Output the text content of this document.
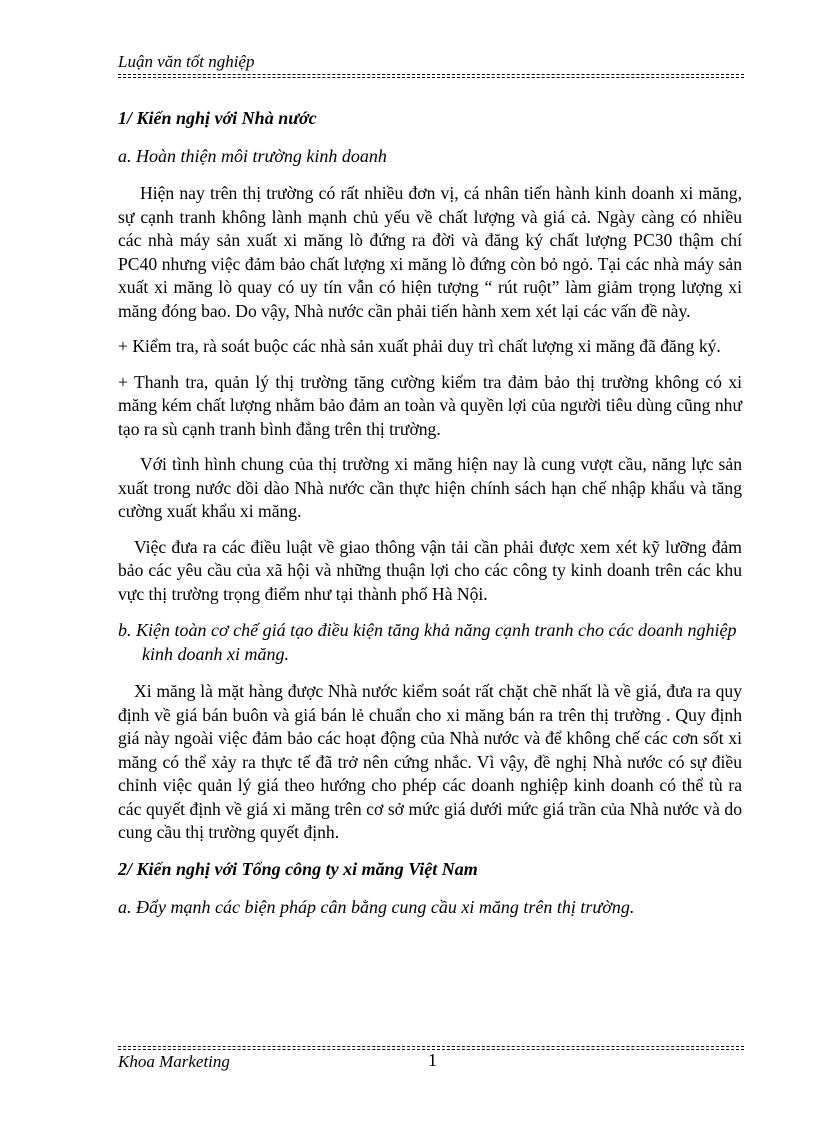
Luận văn tốt nghiệp
1/ Kiến nghị với Nhà nước
a. Hoàn thiện môi trường kinh doanh

Hiện nay trên thị trường có rất nhiều đơn vị, cá nhân tiến hành kinh doanh xi măng, sự cạnh tranh không lành mạnh chủ yếu về chất lượng và giá cả. Ngày càng có nhiều các nhà máy sản xuất xi măng lò đứng ra đời và đăng ký chất lượng PC30 thậm chí PC40 nhưng việc đảm bảo chất lượng xi măng lò đứng còn bỏ ngỏ. Tại các nhà máy sản xuất xi măng lò quay có uy tín vẫn có hiện tượng “ rút ruột” làm giảm trọng lượng xi măng đóng bao. Do vậy, Nhà nước cần phải tiến hành xem xét lại các vấn đề này.

+ Kiểm tra, rà soát buộc các nhà sản xuất phải duy trì chất lượng xi măng đã đăng ký.

+ Thanh tra, quản lý thị trường tăng cường kiểm tra đảm bảo thị trường không có xi măng kém chất lượng nhằm bảo đảm an toàn và quyền lợi của người tiêu dùng cũng như tạo ra sù cạnh tranh bình đẳng trên thị trường.

Với tình hình chung của thị trường xi măng hiện nay là cung vượt cầu, năng lực sản xuất trong nước dồi dào Nhà nước cần thực hiện chính sách hạn chế nhập khẩu và tăng cường xuất khẩu xi măng.

Việc đưa ra các điều luật về giao thông vận tải cần phải được xem xét kỹ lưỡng đảm bảo các yêu cầu của xã hội và những thuận lợi cho các công ty kinh doanh trên các khu vực thị trường trọng điểm như tại thành phố Hà Nội.

b. Kiện toàn cơ chế giá tạo điều kiện tăng khả năng cạnh tranh cho các doanh nghiệp kinh doanh xi măng.

Xi măng là mặt hàng được Nhà nước kiểm soát rất chặt chẽ nhất là về giá, đưa ra quy định về giá bán buôn và giá bán lẻ chuẩn cho xi măng bán ra trên thị trường . Quy định giá này ngoài việc đảm bảo các hoạt động của Nhà nước và để không chế các cơn sốt xi măng có thể xảy ra thực tế đã trở nên cứng nhắc. Vì vậy, đề nghị Nhà nước có sự điều chỉnh việc quản lý giá theo hướng cho phép các doanh nghiệp kinh doanh có thể tù ra các quyết định về giá xi măng trên cơ sở mức giá dưới mức giá trần của Nhà nước và do cung cầu thị trường quyết định.

2/ Kiến nghị với Tổng công ty xi măng Việt Nam
a. Đẩy mạnh các biện pháp cân bằng cung cầu xi măng trên thị trường.
Khoa Marketing	1
